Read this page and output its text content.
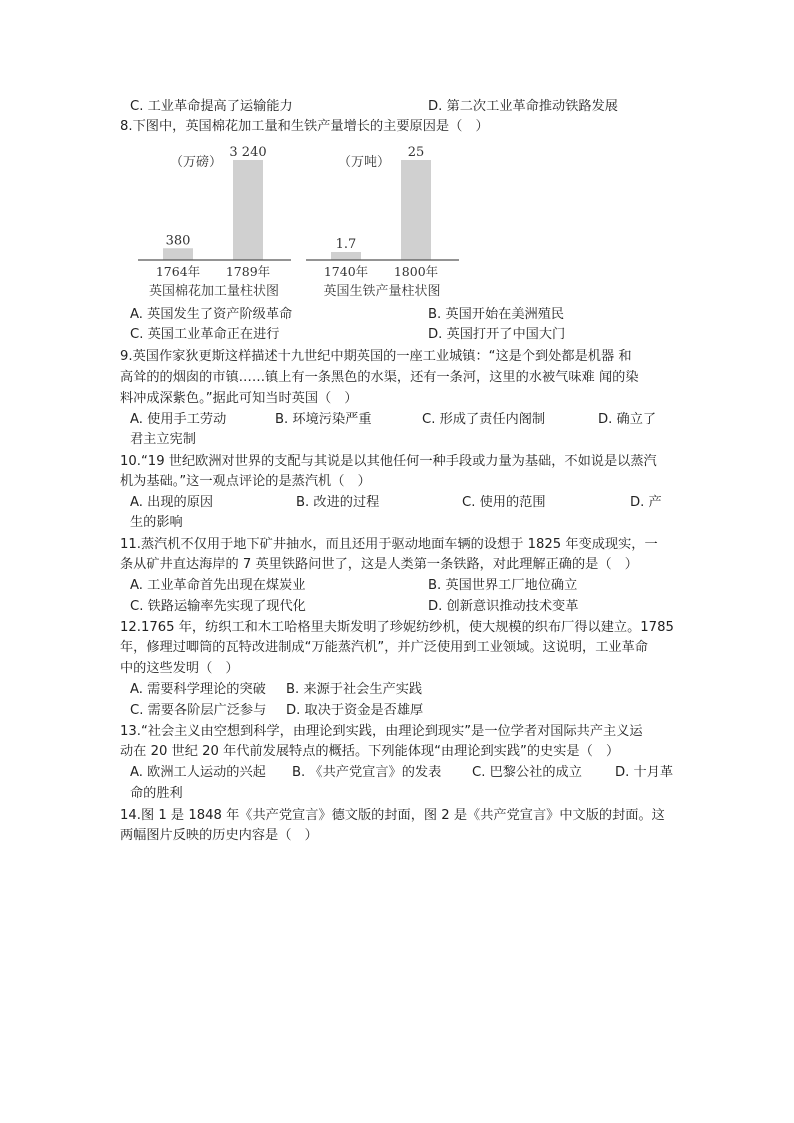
C. 工业革命提高了运输能力	D. 第二次工业革命推动铁路发展
8.下图中，英国棉花加工量和生铁产量增长的主要原因是（　）
（万磅）
380
1764年
3 240
1789年
英国棉花加工量柱状图
（万吨）
1.7
1740年
25
1800年
英国生铁产量柱状图
A. 英国发生了资产阶级革命	B. 英国开始在美洲殖民
C. 英国工业革命正在进行	D. 英国打开了中国大门
9.英国作家狄更斯这样描述十九世纪中期英国的一座工业城镇：“这是个到处都是机器 和
高耸的的烟囱的市镇……镇上有一条黑色的水渠，还有一条河，这里的水被气味难 闻的染
料冲成深紫色。”据此可知当时英国（　）
A. 使用手工劳动	B. 环境污染严重	C. 形成了责任内阁制	D. 确立了
君主立宪制
10.“19 世纪欧洲对世界的支配与其说是以其他任何一种手段或力量为基础，不如说是以蒸汽
机为基础。”这一观点评论的是蒸汽机（　）
A. 出现的原因	B. 改进的过程	C. 使用的范围	D. 产
生的影响
11.蒸汽机不仅用于地下矿井抽水，而且还用于驱动地面车辆的设想于 1825 年变成现实，一
条从矿井直达海岸的 7 英里铁路问世了，这是人类第一条铁路，对此理解正确的是（　）
A. 工业革命首先出现在煤炭业	B. 英国世界工厂地位确立
C. 铁路运输率先实现了现代化	D. 创新意识推动技术变革
12.1765 年，纺织工和木工哈格里夫斯发明了珍妮纺纱机，使大规模的织布厂得以建立。1785
年，修理过唧筒的瓦特改进制成“万能蒸汽机”，并广泛使用到工业领域。这说明，工业革命
中的这些发明（　）
A. 需要科学理论的突破 B. 来源于社会生产实践
C. 需要各阶层广泛参与 D. 取决于资金是否雄厚
13.“社会主义由空想到科学，由理论到实践，由理论到现实”是一位学者对国际共产主义运
动在 20 世纪 20 年代前发展特点的概括。下列能体现“由理论到实践”的史实是（　）
A. 欧洲工人运动的兴起 B. 《共产党宣言》的发表 C. 巴黎公社的成立	D. 十月革
命的胜利
14.图 1 是 1848 年《共产党宣言》德文版的封面，图 2 是《共产党宣言》中文版的封面。这
两幅图片反映的历史内容是（　）
